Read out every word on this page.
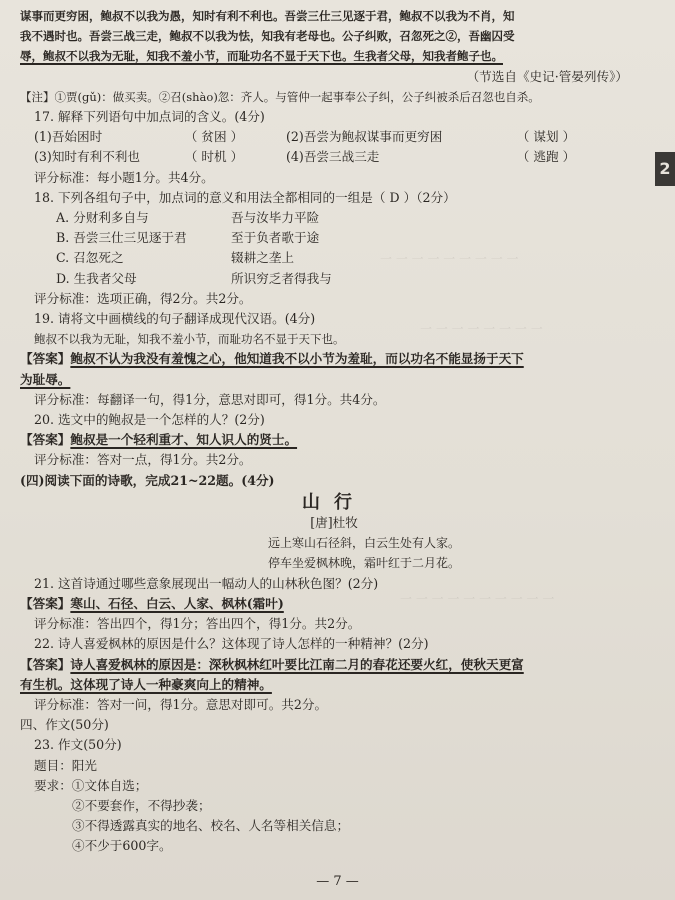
一 一 一 一 一 一 一 一 一
一 一 一 一 一 一 一 一
一 一 一 一 一 一 一 一 一 一
2
谋事而更穷困，鲍叔不以我为愚，知时有利不利也。吾尝三仕三见逐于君，鲍叔不以我为不肖，知
我不遇时也。吾尝三战三走，鲍叔不以我为怯，知我有老母也。公子纠败，召忽死之②，吾幽囚受
辱，鲍叔不以我为无耻，知我不羞小节，而耻功名不显于天下也。生我者父母，知我者鲍子也。
（节选自《史记·管晏列传》）
【注】①贾(gǔ)：做买卖。②召(shào)忽：齐人。与管仲一起事奉公子纠，公子纠被杀后召忽也自杀。
17. 解释下列语句中加点词的含义。(4分)
(1)吾始困时	（ 贫困 ）	(2)吾尝为鲍叔谋事而更穷困	（ 谋划 ）
(3)知时有利不利也	（ 时机 ）	(4)吾尝三战三走	（ 逃跑 ）
评分标准：每小题1分。共4分。
18. 下列各组句子中，加点词的意义和用法全都相同的一组是（ D ）（2分）
A. 分财利多自与	吾与汝毕力平险
B. 吾尝三仕三见逐于君	至于负者歌于途
C. 召忽死之	辍耕之垄上
D. 生我者父母	所识穷乏者得我与
评分标准：选项正确，得2分。共2分。
19. 请将文中画横线的句子翻译成现代汉语。(4分)
鲍叔不以我为无耻，知我不羞小节，而耻功名不显于天下也。
【答案】鲍叔不认为我没有羞愧之心，他知道我不以小节为羞耻，而以功名不能显扬于天下
为耻辱。
评分标准：每翻译一句，得1分，意思对即可，得1分。共4分。
20. 选文中的鲍叔是一个怎样的人？(2分)
【答案】鲍叔是一个轻利重才、知人识人的贤士。
评分标准：答对一点，得1分。共2分。
(四)阅读下面的诗歌，完成21~22题。(4分)
山行
[唐]杜牧
远上寒山石径斜，白云生处有人家。
停车坐爱枫林晚，霜叶红于二月花。
21. 这首诗通过哪些意象展现出一幅动人的山林秋色图？(2分)
【答案】寒山、石径、白云、人家、枫林(霜叶)
评分标准：答出四个，得1分；答出四个，得1分。共2分。
22. 诗人喜爱枫林的原因是什么？这体现了诗人怎样的一种精神？(2分)
【答案】诗人喜爱枫林的原因是：深秋枫林红叶要比江南二月的春花还要火红，使秋天更富
有生机。这体现了诗人一种豪爽向上的精神。
评分标准：答对一问，得1分。意思对即可。共2分。
四、作文(50分)
23. 作文(50分)
题目：阳光
要求：①文体自选；
②不要套作，不得抄袭；
③不得透露真实的地名、校名、人名等相关信息；
④不少于600字。
— 7 —
